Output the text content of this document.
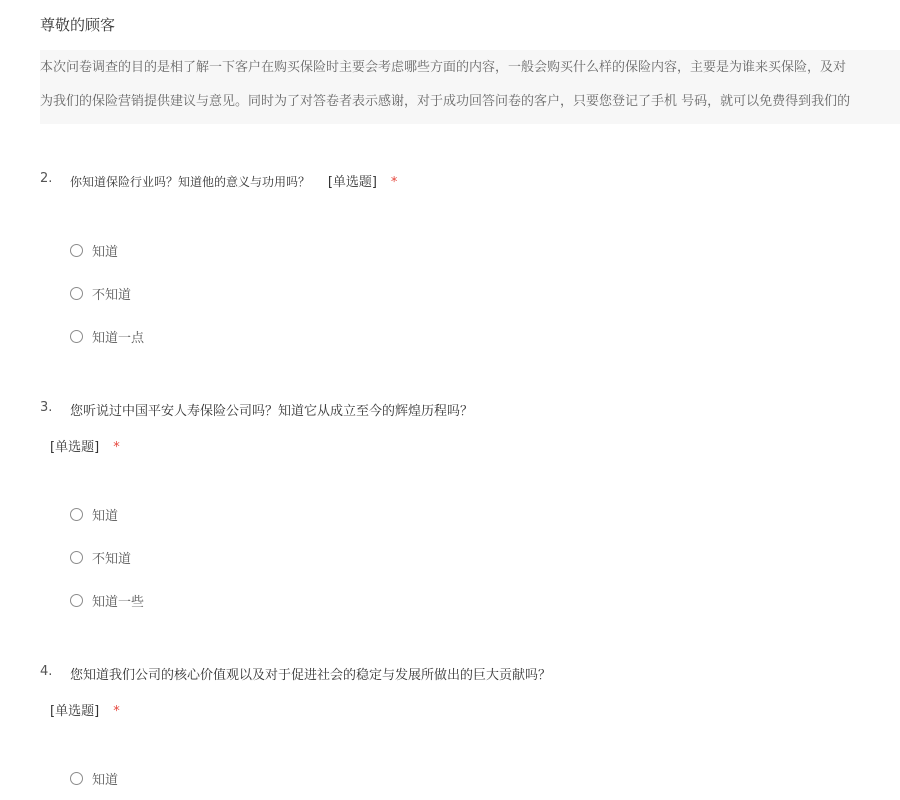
尊敬的顾客
本次问卷调查的目的是相了解一下客户在购买保险时主要会考虑哪些方面的内容，一般会购买什么样的保险内容，主要是为谁来买保险，及对
为我们的保险营销提供建议与意见。同时为了对答卷者表示感谢，对于成功回答问卷的客户，只要您登记了手机 号码，就可以免费得到我们的
2. 你知道保险行业吗？知道他的意义与功用吗？ [单选题] *
知道
不知道
知道一点
3. 您听说过中国平安人寿保险公司吗？知道它从成立至今的辉煌历程吗？
[单选题] *
知道
不知道
知道一些
4. 您知道我们公司的核心价值观以及对于促进社会的稳定与发展所做出的巨大贡献吗？
[单选题] *
知道
